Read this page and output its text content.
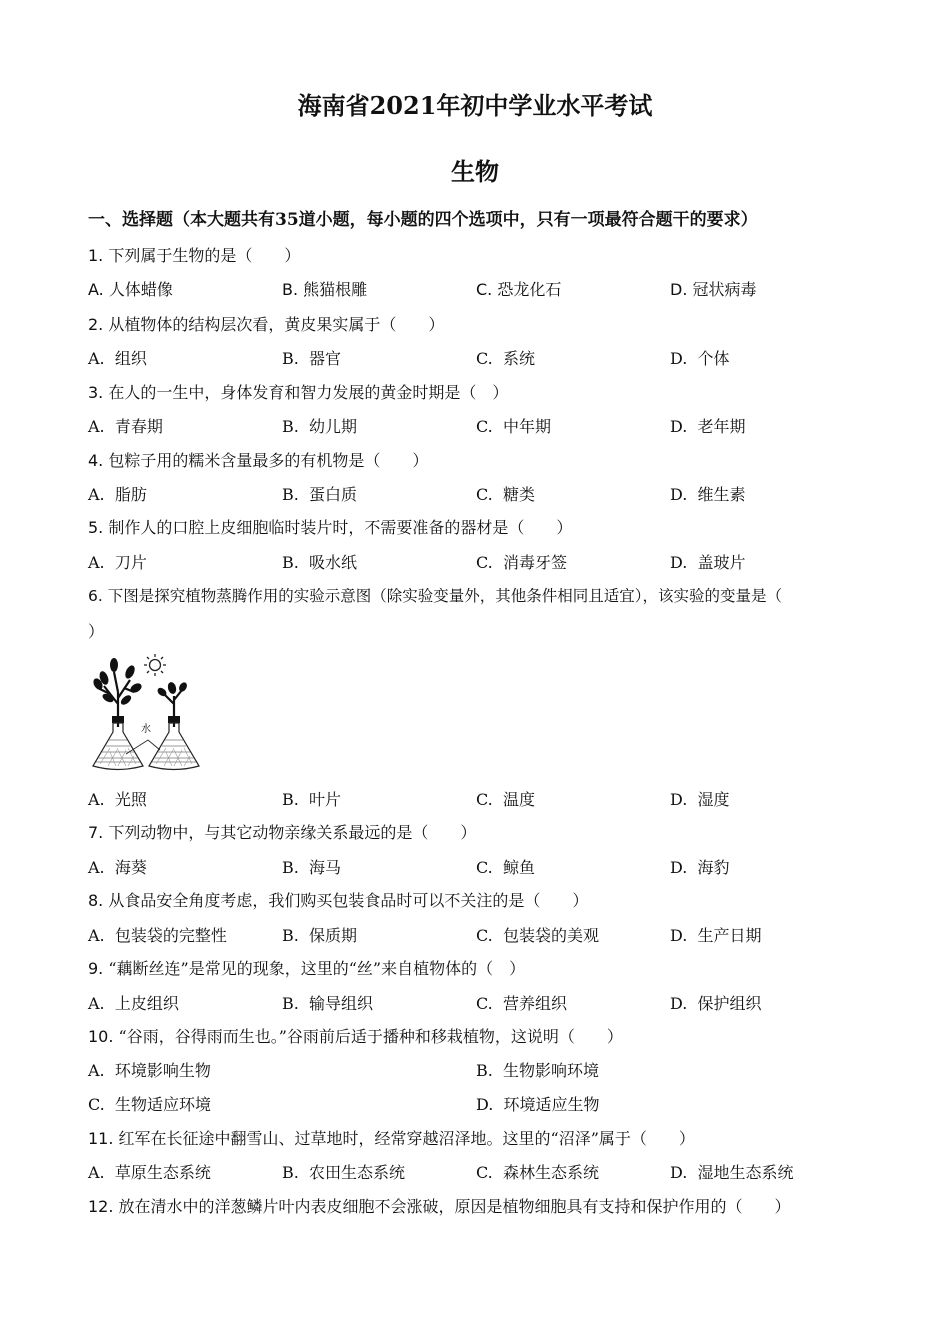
海南省2021年初中学业水平考试
生物
一、选择题（本大题共有35道小题，每小题的四个选项中，只有一项最符合题干的要求）
1. 下列属于生物的是（　　）
A. 人体蜡像	B. 熊猫根雕	C. 恐龙化石	D. 冠状病毒
2. 从植物体的结构层次看，黄皮果实属于（　　）
A. 组织	B. 器官	C. 系统	D. 个体
3. 在人的一生中，身体发育和智力发展的黄金时期是（　）
A. 青春期	B. 幼儿期	C. 中年期	D. 老年期
4. 包粽子用的糯米含量最多的有机物是（　　）
A. 脂肪	B. 蛋白质	C. 糖类	D. 维生素
5. 制作人的口腔上皮细胞临时装片时，不需要准备的器材是（　　）
A. 刀片	B. 吸水纸	C. 消毒牙签	D. 盖玻片
6. 下图是探究植物蒸腾作用的实验示意图（除实验变量外，其他条件相同且适宜），该实验的变量是（
）
水
A. 光照	B. 叶片	C. 温度	D. 湿度
7. 下列动物中，与其它动物亲缘关系最远的是（　　）
A. 海葵	B. 海马	C. 鲸鱼	D. 海豹
8. 从食品安全角度考虑，我们购买包装食品时可以不关注的是（　　）
A. 包装袋的完整性	B. 保质期	C. 包装袋的美观	D. 生产日期
9. “藕断丝连”是常见的现象，这里的“丝”来自植物体的（　）
A. 上皮组织	B. 输导组织	C. 营养组织	D. 保护组织
10. “谷雨，谷得雨而生也。”谷雨前后适于播种和移栽植物，这说明（　　）
A. 环境影响生物	B. 生物影响环境
C. 生物适应环境	D. 环境适应生物
11. 红军在长征途中翻雪山、过草地时，经常穿越沼泽地。这里的“沼泽”属于（　　）
A. 草原生态系统	B. 农田生态系统	C. 森林生态系统	D. 湿地生态系统
12. 放在清水中的洋葱鳞片叶内表皮细胞不会涨破，原因是植物细胞具有支持和保护作用的（　　）
